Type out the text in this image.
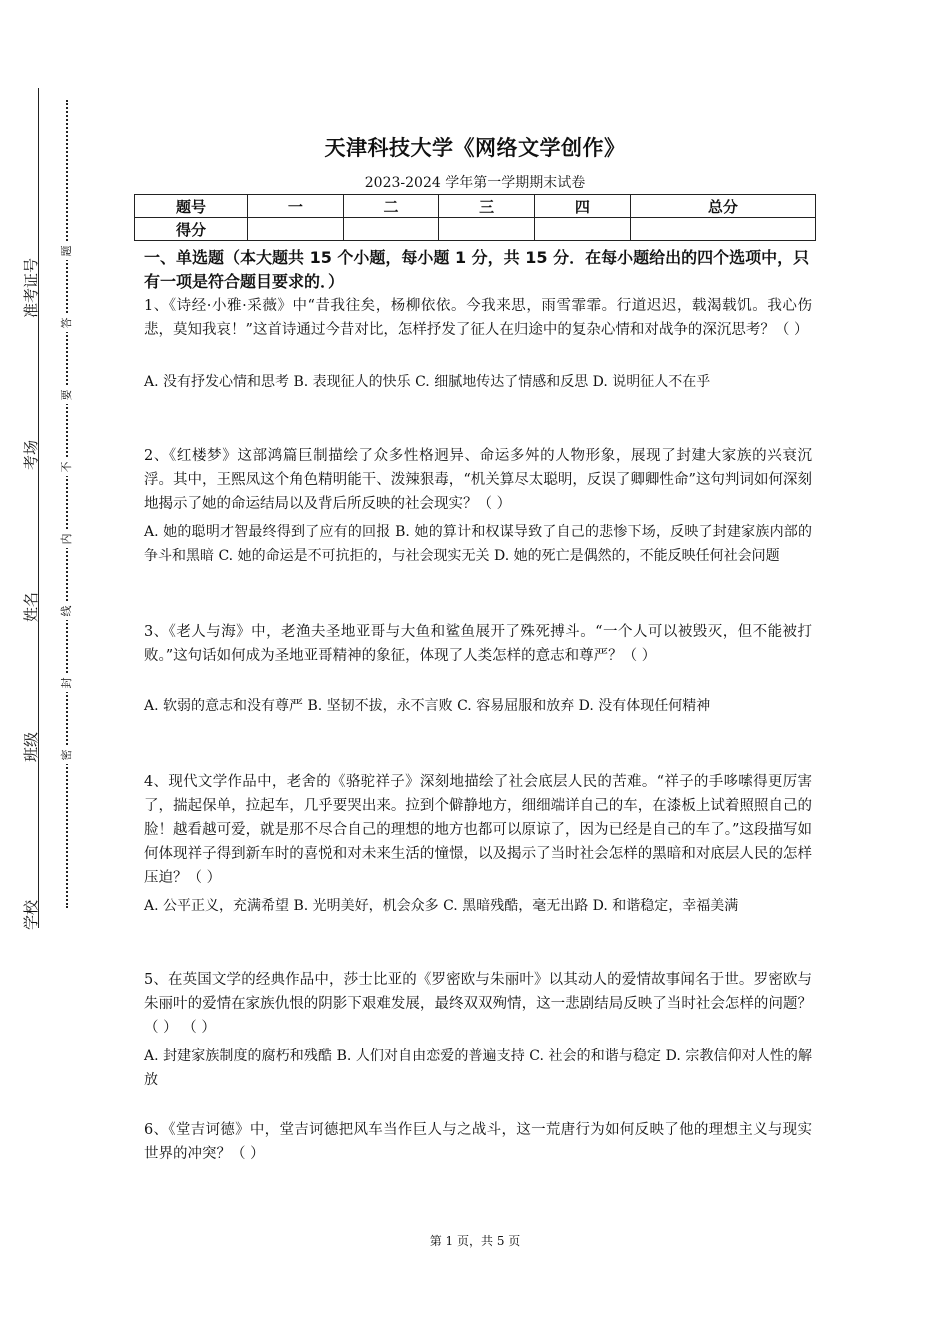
准考证号
考场
姓名
班级
学校
题
答
要
不
内
线
封
密
天津科技大学《网络文学创作》
2023-2024 学年第一学期期末试卷
题号	一	二	三	四	总分
得分					
一、单选题（本大题共 15 个小题，每小题 1 分，共 15 分．在每小题给出的四个选项中，只有一项是符合题目要求的．）
1、《诗经·小雅·采薇》中“昔我往矣，杨柳依依。今我来思，雨雪霏霏。行道迟迟，载渴载饥。我心伤悲，莫知我哀！”这首诗通过今昔对比，怎样抒发了征人在归途中的复杂心情和对战争的深沉思考？（ ）
A. 没有抒发心情和思考 B. 表现征人的快乐 C. 细腻地传达了情感和反思 D. 说明征人不在乎
2、《红楼梦》这部鸿篇巨制描绘了众多性格迥异、命运多舛的人物形象，展现了封建大家族的兴衰沉浮。其中，王熙凤这个角色精明能干、泼辣狠毒，“机关算尽太聪明，反误了卿卿性命”这句判词如何深刻地揭示了她的命运结局以及背后所反映的社会现实？（ ）
A. 她的聪明才智最终得到了应有的回报 B. 她的算计和权谋导致了自己的悲惨下场，反映了封建家族内部的争斗和黑暗 C. 她的命运是不可抗拒的，与社会现实无关 D. 她的死亡是偶然的，不能反映任何社会问题
3、《老人与海》中，老渔夫圣地亚哥与大鱼和鲨鱼展开了殊死搏斗。“一个人可以被毁灭，但不能被打败。”这句话如何成为圣地亚哥精神的象征，体现了人类怎样的意志和尊严？（ ）
A. 软弱的意志和没有尊严 B. 坚韧不拔，永不言败 C. 容易屈服和放弃 D. 没有体现任何精神
4、现代文学作品中，老舍的《骆驼祥子》深刻地描绘了社会底层人民的苦难。“祥子的手哆嗦得更厉害了，揣起保单，拉起车，几乎要哭出来。拉到个僻静地方，细细端详自己的车，在漆板上试着照照自己的脸！越看越可爱，就是那不尽合自己的理想的地方也都可以原谅了，因为已经是自己的车了。”这段描写如何体现祥子得到新车时的喜悦和对未来生活的憧憬，以及揭示了当时社会怎样的黑暗和对底层人民的怎样压迫？（ ）
A. 公平正义，充满希望 B. 光明美好，机会众多 C. 黑暗残酷，毫无出路 D. 和谐稳定，幸福美满
5、在英国文学的经典作品中，莎士比亚的《罗密欧与朱丽叶》以其动人的爱情故事闻名于世。罗密欧与朱丽叶的爱情在家族仇恨的阴影下艰难发展，最终双双殉情，这一悲剧结局反映了当时社会怎样的问题？（ ） （ ）
A. 封建家族制度的腐朽和残酷 B. 人们对自由恋爱的普遍支持 C. 社会的和谐与稳定 D. 宗教信仰对人性的解放
6、《堂吉诃德》中，堂吉诃德把风车当作巨人与之战斗，这一荒唐行为如何反映了他的理想主义与现实世界的冲突？（ ）
第 1 页，共 5 页
